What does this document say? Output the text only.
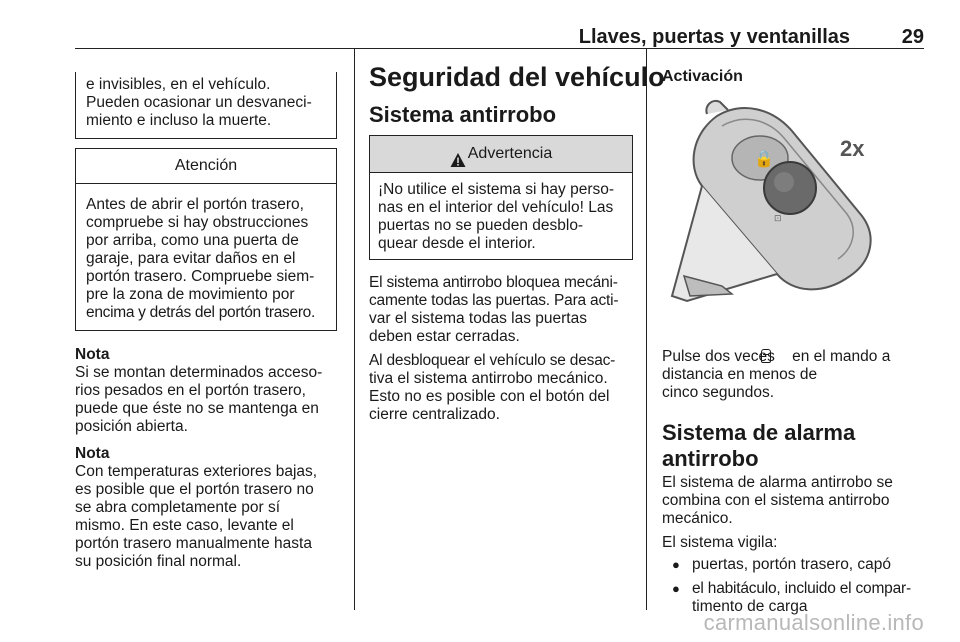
Llaves, puertas y ventanillas	29

e invisibles, en el vehículo.

Pueden ocasionar un desvaneci-

miento e incluso la muerte.

Atención

Antes de abrir el portón trasero,

compruebe si hay obstrucciones

por arriba, como una puerta de

garaje, para evitar daños en el

portón trasero. Compruebe siem-

pre la zona de movimiento por

encima y detrás del portón trasero.

Nota

Si se montan determinados acceso-

rios pesados en el portón trasero,

puede que éste no se mantenga en

posición abierta.

Nota

Con temperaturas exteriores bajas,

es posible que el portón trasero no

se abra completamente por sí

mismo. En este caso, levante el

portón trasero manualmente hasta

su posición final normal.

Seguridad del vehículo
Sistema antirrobo
Advertencia

¡No utilice el sistema si hay perso-

nas en el interior del vehículo! Las

puertas no se pueden desblo-

quear desde el interior.

El sistema antirrobo bloquea mecáni-

camente todas las puertas. Para acti-

var el sistema todas las puertas

deben estar cerradas.

Al desbloquear el vehículo se desac-

tiva el sistema antirrobo mecánico.

Esto no es posible con el botón del

cierre centralizado.

Activación
🔒
⊡
2x

Pulse dos veces    en el mando a

distancia en menos de

cinco segundos.

Sistema de alarma
antirrobo

El sistema de alarma antirrobo se

combina con el sistema antirrobo

mecánico.

El sistema vigila:

● puertas, portón trasero, capó
● el habitáculo, incluido el compar-
timento de carga
carmanualsonline.info
